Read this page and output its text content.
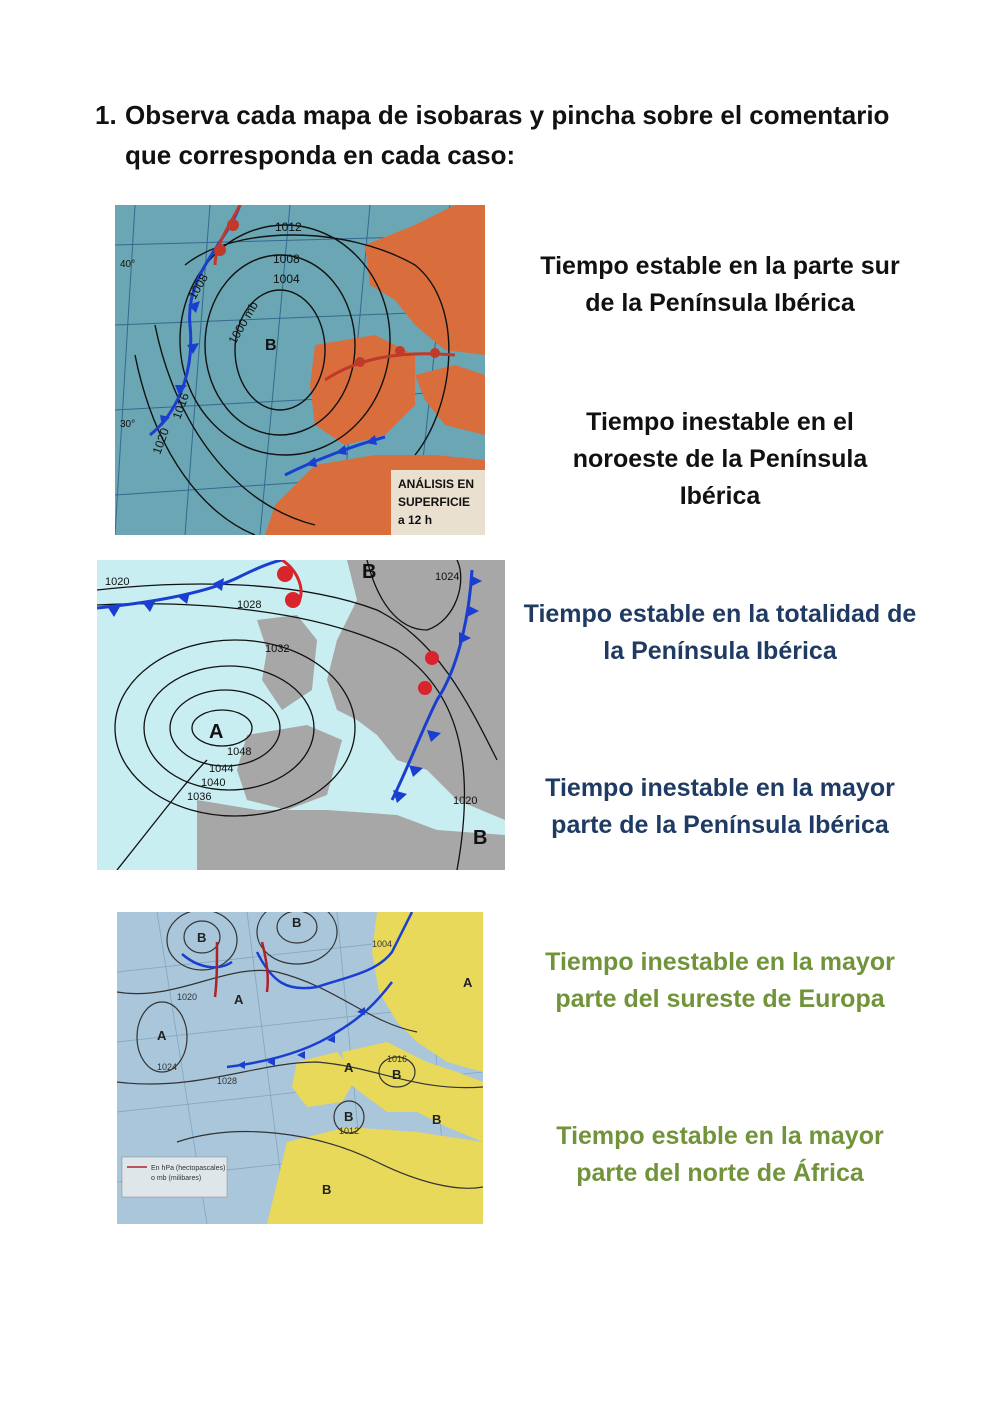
1. Observa cada mapa de isobaras y pincha sobre el comentario que corresponda en cada caso:
1012
1008
1004
1008
1000 mb
1016
1020
40°
30°
B
ANÁLISIS EN
SUPERFICIE
a 12 h
1020
1028
1032
1024
1048
1044
1040
1036	1020
A
B
B
1004
1016
1012
1020
1024
1028
B
B
A
A
A	B
B	B
B
A
En hPa (hectopascales)
o mb (milibares)
Tiempo estable en la parte sur de la Península Ibérica
Tiempo inestable en el noroeste de la Península Ibérica
Tiempo estable en la totalidad de la Península Ibérica
Tiempo inestable en la mayor parte de la Península Ibérica
Tiempo inestable en la mayor parte del sureste de Europa
Tiempo estable en la mayor parte del norte de África
